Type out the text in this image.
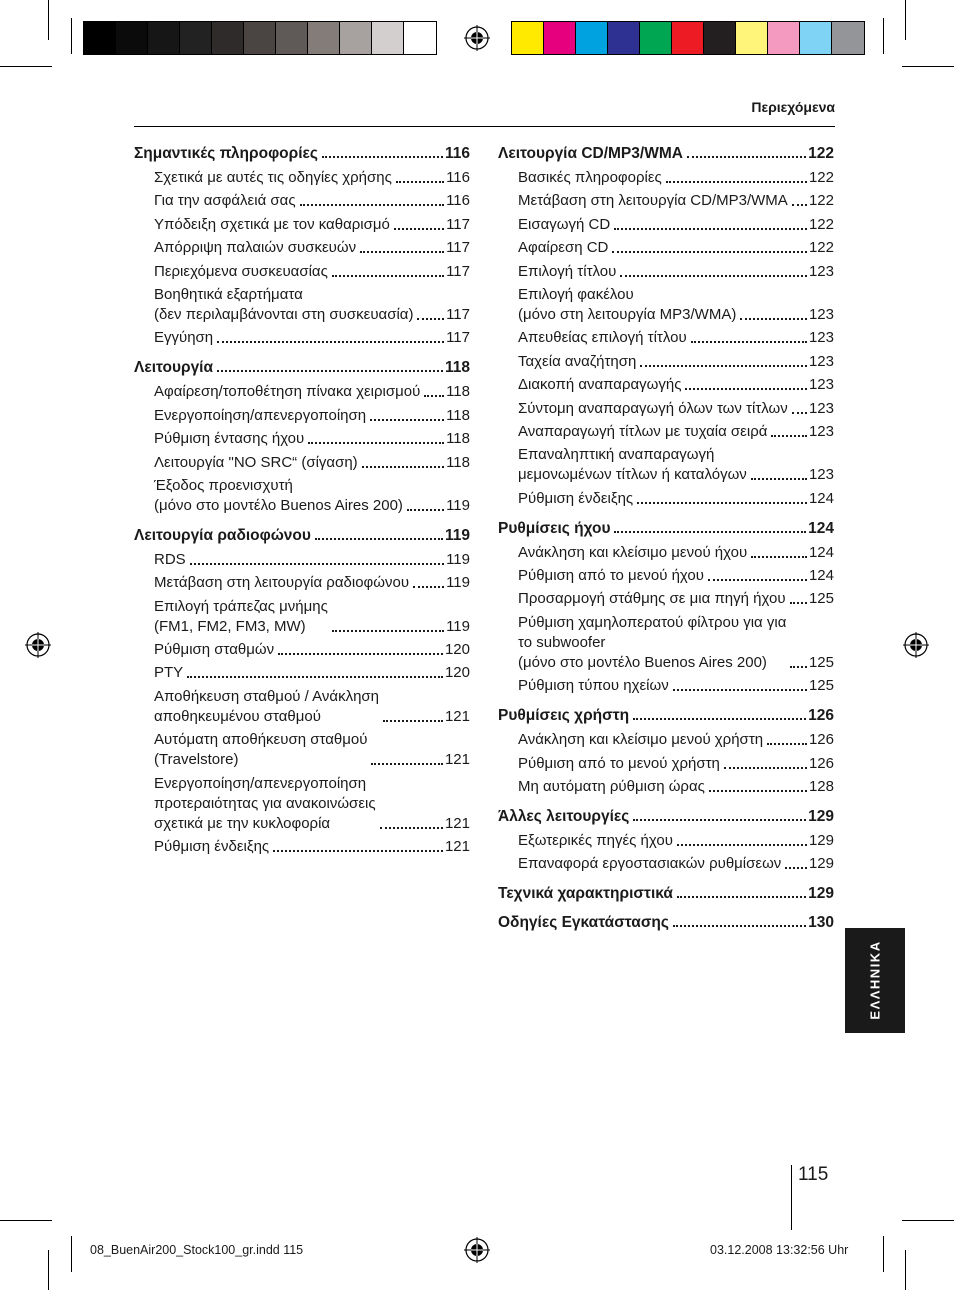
Περιεχόμενα
Σημαντικές πληροφορίες	116
Σχετικά με αυτές τις οδηγίες χρήσης	116
Για την ασφάλειά σας	116
Υπόδειξη σχετικά με τον καθαρισμό	117
Απόρριψη παλαιών συσκευών	117
Περιεχόμενα συσκευασίας	117
Βοηθητικά εξαρτήματα
(δεν περιλαμβάνονται στη συσκευασία) 117
Εγγύηση	117
Λειτουργία	118
Αφαίρεση/τοποθέτηση πίνακα χειρισμού 118
Ενεργοποίηση/απενεργοποίηση	118
Ρύθμιση έντασης ήχου	118
Λειτουργία "NO SRC“ (σίγαση)	118
Έξοδος προενισχυτή
(μόνο στο μοντέλο Buenos Aires 200)	119
Λειτουργία ραδιοφώνου	119
RDS	119
Μετάβαση στη λειτουργία ραδιοφώνου 119
Επιλογή τράπεζας μνήμης
(FM1, FM2, FM3, MW)	119
Ρύθμιση σταθμών	120
PTY	120
Αποθήκευση σταθμού / Ανάκληση
αποθηκευμένου σταθμού	121
Αυτόματη αποθήκευση σταθμού
(Travelstore)	121
Ενεργοποίηση/απενεργοποίηση
προτεραιότητας για ανακοινώσεις
σχετικά με την κυκλοφορία	121
Ρύθμιση ένδειξης	121
Λειτουργία CD/MP3/WMA	122
Βασικές πληροφορίες	122
Μετάβαση στη λειτουργία CD/MP3/WMA 122
Εισαγωγή CD	122
Αφαίρεση CD	122
Επιλογή τίτλου	123
Επιλογή φακέλου
(μόνο στη λειτουργία MP3/WMA)	123
Απευθείας επιλογή τίτλου	123
Ταχεία αναζήτηση	123
Διακοπή αναπαραγωγής	123
Σύντομη αναπαραγωγή όλων των τίτλων 123
Αναπαραγωγή τίτλων με τυχαία σειρά	123
Επαναληπτική αναπαραγωγή
μεμονωμένων τίτλων ή καταλόγων	123
Ρύθμιση ένδειξης	124
Ρυθμίσεις ήχου	124
Ανάκληση και κλείσιμο μενού ήχου	124
Ρύθμιση από το μενού ήχου	124
Προσαρμογή στάθμης σε μια πηγή ήχου 125
Ρύθμιση χαμηλοπερατού φίλτρου για για
το subwoofer
(μόνο στο μοντέλο Buenos Aires 200)	125
Ρύθμιση τύπου ηχείων	125
Ρυθμίσεις χρήστη	126
Ανάκληση και κλείσιμο μενού χρήστη	126
Ρύθμιση από το μενού χρήστη	126
Μη αυτόματη ρύθμιση ώρας	128
Άλλες λειτουργίες	129
Εξωτερικές πηγές ήχου	129
Επαναφορά εργοστασιακών ρυθμίσεων 129
Τεχνικά χαρακτηριστικά	129
Οδηγίες Εγκατάστασης	130
ΕΛΛΗΝΙΚΑ
115
08_BuenAir200_Stock100_gr.indd 115	03.12.2008 13:32:56 Uhr
